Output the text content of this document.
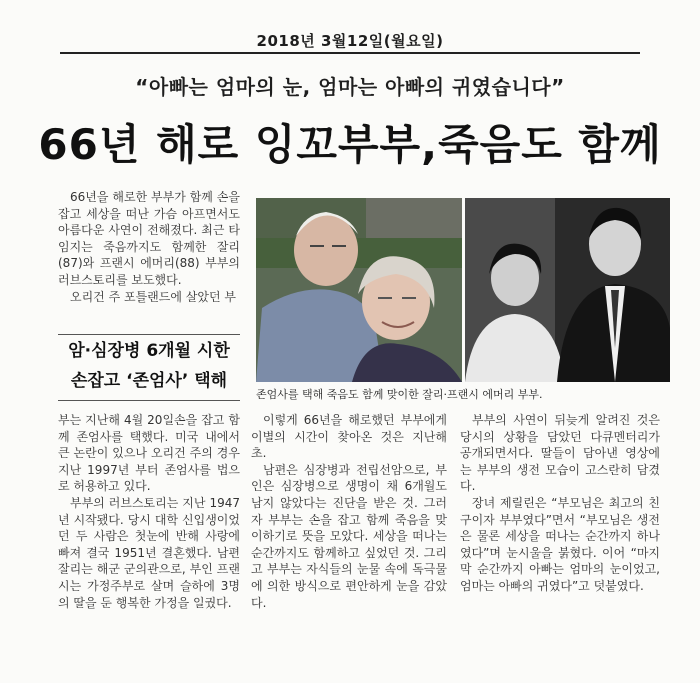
2018년 3월12일(월요일)
“아빠는 엄마의 눈, 엄마는 아빠의 귀였습니다”
66년 해로 잉꼬부부,죽음도 함께

66년을 해로한 부부가 함께 손을 잡고 세상을 떠난 가슴 아프면서도 아름다운 사연이 전해졌다. 최근 타임지는 죽음까지도 함께한 잘리(87)와 프랜시 에머리(88) 부부의 러브스토리를 보도했다.

오리건 주 포틀랜드에 살았던 부

암·심장병 6개월 시한
손잡고 ‘존엄사’ 택해
존엄사를 택해 죽음도 함께 맞이한 잘리·프랜시 에머리 부부.

부는 지난해 4월 20일손을 잡고 함께 존엄사를 택했다. 미국 내에서 큰 논란이 있으나 오리건 주의 경우 지난 1997년 부터 존엄사를 법으로 허용하고 있다.

부부의 러브스토리는 지난 1947년 시작됐다. 당시 대학 신입생이었던 두 사람은 첫눈에 반해 사랑에 빠져 결국 1951년 결혼했다. 남편 잘리는 해군 군의관으로, 부인 프랜시는 가정주부로 살며 슬하에 3명의 딸을 둔 행복한 가정을 일궜다.

이렇게 66년을 해로했던 부부에게 이별의 시간이 찾아온 것은 지난해 초.

남편은 심장병과 전립선암으로, 부인은 심장병으로 생명이 채 6개월도 남지 않았다는 진단을 받은 것. 그러자 부부는 손을 잡고 함께 죽음을 맞이하기로 뜻을 모았다. 세상을 떠나는 순간까지도 함께하고 싶었던 것. 그리고 부부는 자식들의 눈물 속에 독극물에 의한 방식으로 편안하게 눈을 감았다.

부부의 사연이 뒤늦게 알려진 것은 당시의 상황을 담았던 다큐멘터리가 공개되면서다. 딸들이 담아낸 영상에는 부부의 생전 모습이 고스란히 담겼다.

장녀 제릴린은 “부모님은 최고의 친구이자 부부였다”면서 “부모님은 생전은 물론 세상을 떠나는 순간까지 하나였다”며 눈시울을 붉혔다. 이어 “마지막 순간까지 아빠는 엄마의 눈이었고, 엄마는 아빠의 귀였다”고 덧붙였다.
